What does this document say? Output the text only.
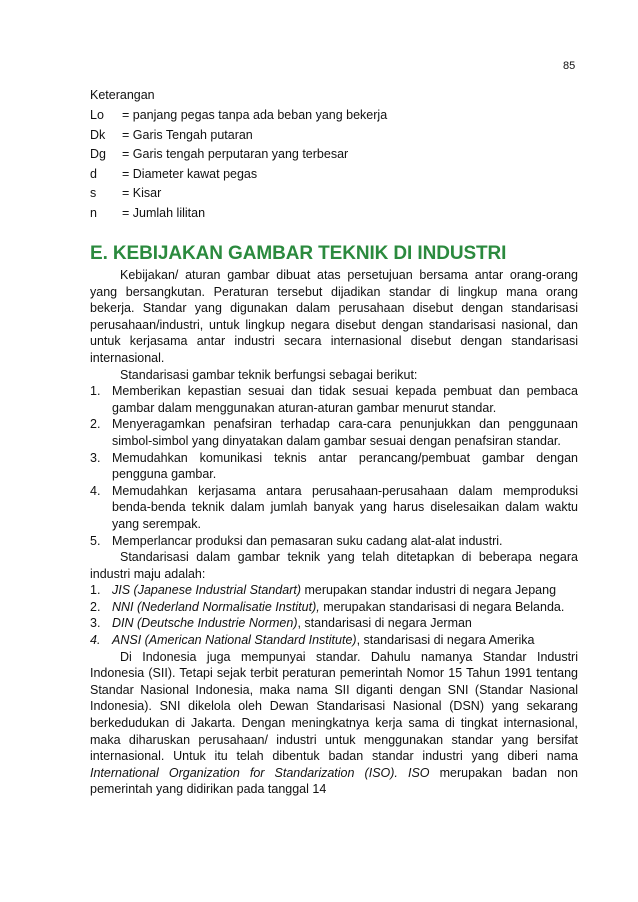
85
Keterangan
Lo	= panjang pegas tanpa ada beban yang bekerja
Dk	= Garis Tengah putaran
Dg	= Garis tengah perputaran yang terbesar
d	= Diameter kawat pegas
s	= Kisar
n	= Jumlah lilitan
E. KEBIJAKAN GAMBAR TEKNIK DI INDUSTRI

Kebijakan/ aturan gambar dibuat atas persetujuan bersama antar orang-orang yang bersangkutan. Peraturan tersebut dijadikan standar di lingkup mana orang bekerja. Standar yang digunakan dalam perusahaan disebut dengan standarisasi perusahaan/industri, untuk lingkup negara disebut dengan standarisasi nasional, dan untuk kerjasama antar industri secara internasional disebut dengan standarisasi internasional.

Standarisasi gambar teknik berfungsi sebagai berikut:

1. Memberikan kepastian sesuai dan tidak sesuai kepada pembuat dan pembaca gambar dalam menggunakan aturan-aturan gambar menurut standar.
2. Menyeragamkan penafsiran terhadap cara-cara penunjukkan dan penggunaan simbol-simbol yang dinyatakan dalam gambar sesuai dengan penafsiran standar.
3. Memudahkan komunikasi teknis antar perancang/pembuat gambar dengan pengguna gambar.
4. Memudahkan kerjasama antara perusahaan-perusahaan dalam memproduksi benda-benda teknik dalam jumlah banyak yang harus diselesaikan dalam waktu yang serempak.
5. Memperlancar produksi dan pemasaran suku cadang alat-alat industri.

Standarisasi dalam gambar teknik yang telah ditetapkan di beberapa negara industri maju adalah:

1. JIS (Japanese Industrial Standart) merupakan standar industri di negara Jepang
2. NNI (Nederland Normalisatie Institut), merupakan standarisasi di negara Belanda.
3. DIN (Deutsche Industrie Normen), standarisasi di negara Jerman
4. ANSI (American National Standard Institute), standarisasi di negara Amerika

Di Indonesia juga mempunyai standar. Dahulu namanya Standar Industri Indonesia (SII). Tetapi sejak terbit peraturan pemerintah Nomor 15 Tahun 1991 tentang Standar Nasional Indonesia, maka nama SII diganti dengan SNI (Standar Nasional Indonesia). SNI dikelola oleh Dewan Standarisasi Nasional (DSN) yang sekarang berkedudukan di Jakarta. Dengan meningkatnya kerja sama di tingkat internasional, maka diharuskan perusahaan/ industri untuk menggunakan standar yang bersifat internasional. Untuk itu telah dibentuk badan standar industri yang diberi nama International Organization for Standarization (ISO). ISO merupakan badan non pemerintah yang didirikan pada tanggal 14
